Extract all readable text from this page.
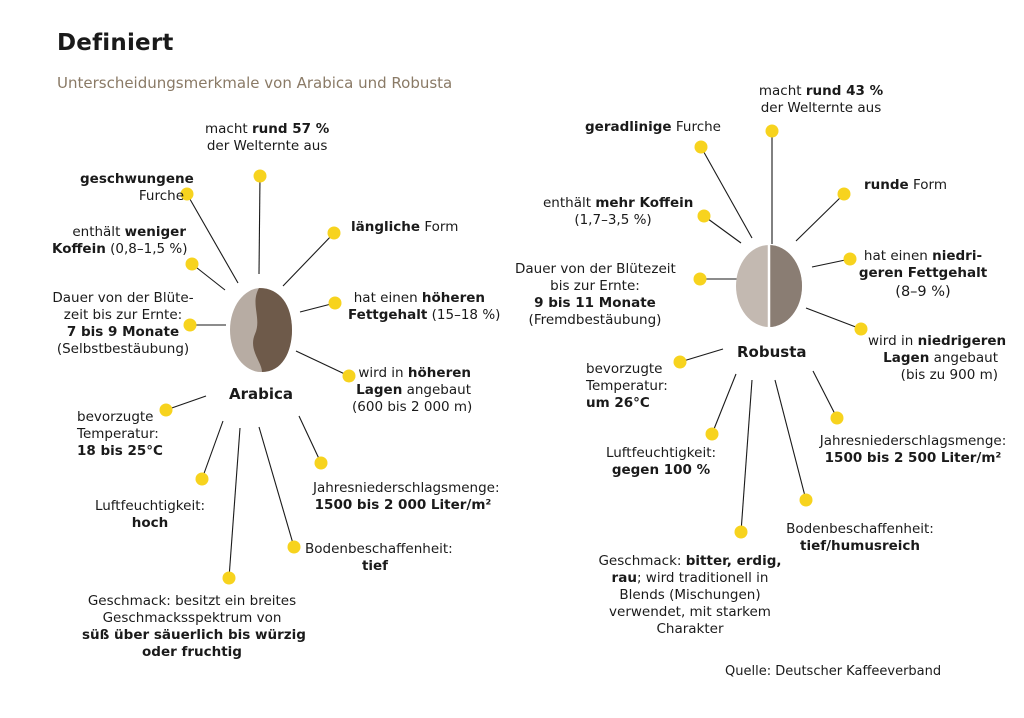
Definiert
Unterscheidungsmerkmale von Arabica und Robusta
Arabica
macht rund 57 %
der Welternte aus
geschwungene
Furche
längliche Form
enthält weniger
Koffein (0,8–1,5 %)
hat einen höheren
Fettgehalt (15–18 %)
Dauer von der Blüte-
zeit bis zur Ernte:
7 bis 9 Monate
(Selbstbestäubung)
wird in höheren
Lagen angebaut
(600 bis 2 000 m)
bevorzugte
Temperatur:
18 bis 25°C
Jahresniederschlagsmenge:
1500 bis 2 000 Liter/m²
Luftfeuchtigkeit:
hoch
Bodenbeschaffenheit:
tief
Geschmack: besitzt ein breites
Geschmacksspektrum von
süß über säuerlich bis würzig
oder fruchtig
Robusta
macht rund 43 %
der Welternte aus
geradlinige Furche
runde Form
enthält mehr Koffein
(1,7–3,5 %)
hat einen niedri-
geren Fettgehalt
(8–9 %)
Dauer von der Blütezeit
bis zur Ernte:
9 bis 11 Monate
(Fremdbestäubung)
wird in niedrigeren
Lagen angebaut
(bis zu 900 m)
bevorzugte
Temperatur:
um 26°C
Jahresniederschlagsmenge:
1500 bis 2 500 Liter/m²
Luftfeuchtigkeit:
gegen 100 %
Bodenbeschaffenheit:
tief/humusreich
Geschmack: bitter, erdig,
rau; wird traditionell in
Blends (Mischungen)
verwendet, mit starkem
Charakter
Quelle: Deutscher Kaffeeverband
